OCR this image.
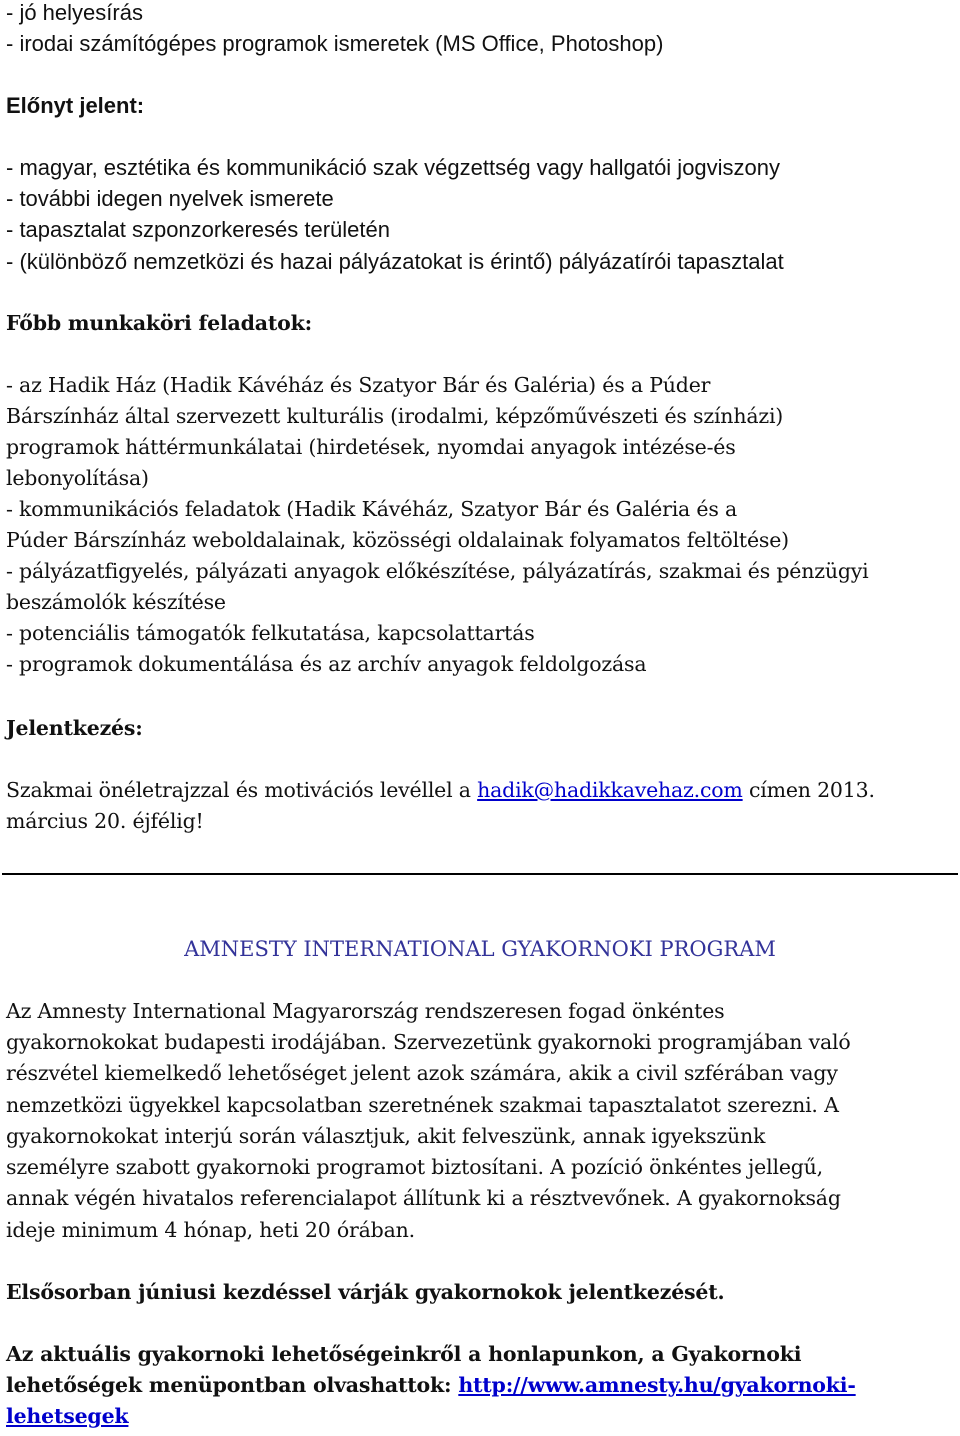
- jó helyesírás

- irodai számítógépes programok ismeretek (MS Office, Photoshop)

Előnyt jelent:

- magyar, esztétika és kommunikáció szak végzettség vagy hallgatói jogviszony

- további idegen nyelvek ismerete

- tapasztalat szponzorkeresés területén

- (különböző nemzetközi és hazai pályázatokat is érintő) pályázatírói tapasztalat

Főbb munkaköri feladatok:

- az Hadik Ház (Hadik Kávéház és Szatyor Bár és Galéria) és a Púder

Bárszínház által szervezett kulturális (irodalmi, képzőművészeti és színházi)

programok háttérmunkálatai (hirdetések, nyomdai anyagok intézése-és

lebonyolítása)

- kommunikációs feladatok (Hadik Kávéház, Szatyor Bár és Galéria és a

Púder Bárszínház weboldalainak, közösségi oldalainak folyamatos feltöltése)

- pályázatfigyelés, pályázati anyagok előkészítése, pályázatírás, szakmai és pénzügyi

beszámolók készítése

- potenciális támogatók felkutatása, kapcsolattartás

- programok dokumentálása és az archív anyagok feldolgozása

Jelentkezés:

Szakmai önéletrajzzal és motivációs levéllel a hadik@hadikkavehaz.com címen 2013.

március 20. éjfélig!

AMNESTY INTERNATIONAL GYAKORNOKI PROGRAM

Az Amnesty International Magyarország rendszeresen fogad önkéntes

gyakornokokat budapesti irodájában. Szervezetünk gyakornoki programjában való

részvétel kiemelkedő lehetőséget jelent azok számára, akik a civil szférában vagy

nemzetközi ügyekkel kapcsolatban szeretnének szakmai tapasztalatot szerezni. A

gyakornokokat interjú során választjuk, akit felveszünk, annak igyekszünk

személyre szabott gyakornoki programot biztosítani. A pozíció önkéntes jellegű,

annak végén hivatalos referencialapot állítunk ki a résztvevőnek. A gyakornokság

ideje minimum 4 hónap, heti 20 órában.

Elsősorban júniusi kezdéssel várják gyakornokok jelentkezését.

Az aktuális gyakornoki lehetőségeinkről a honlapunkon, a Gyakornoki

lehetőségek menüpontban olvashattok: http://www.amnesty.hu/gyakornoki-

lehetsegek
